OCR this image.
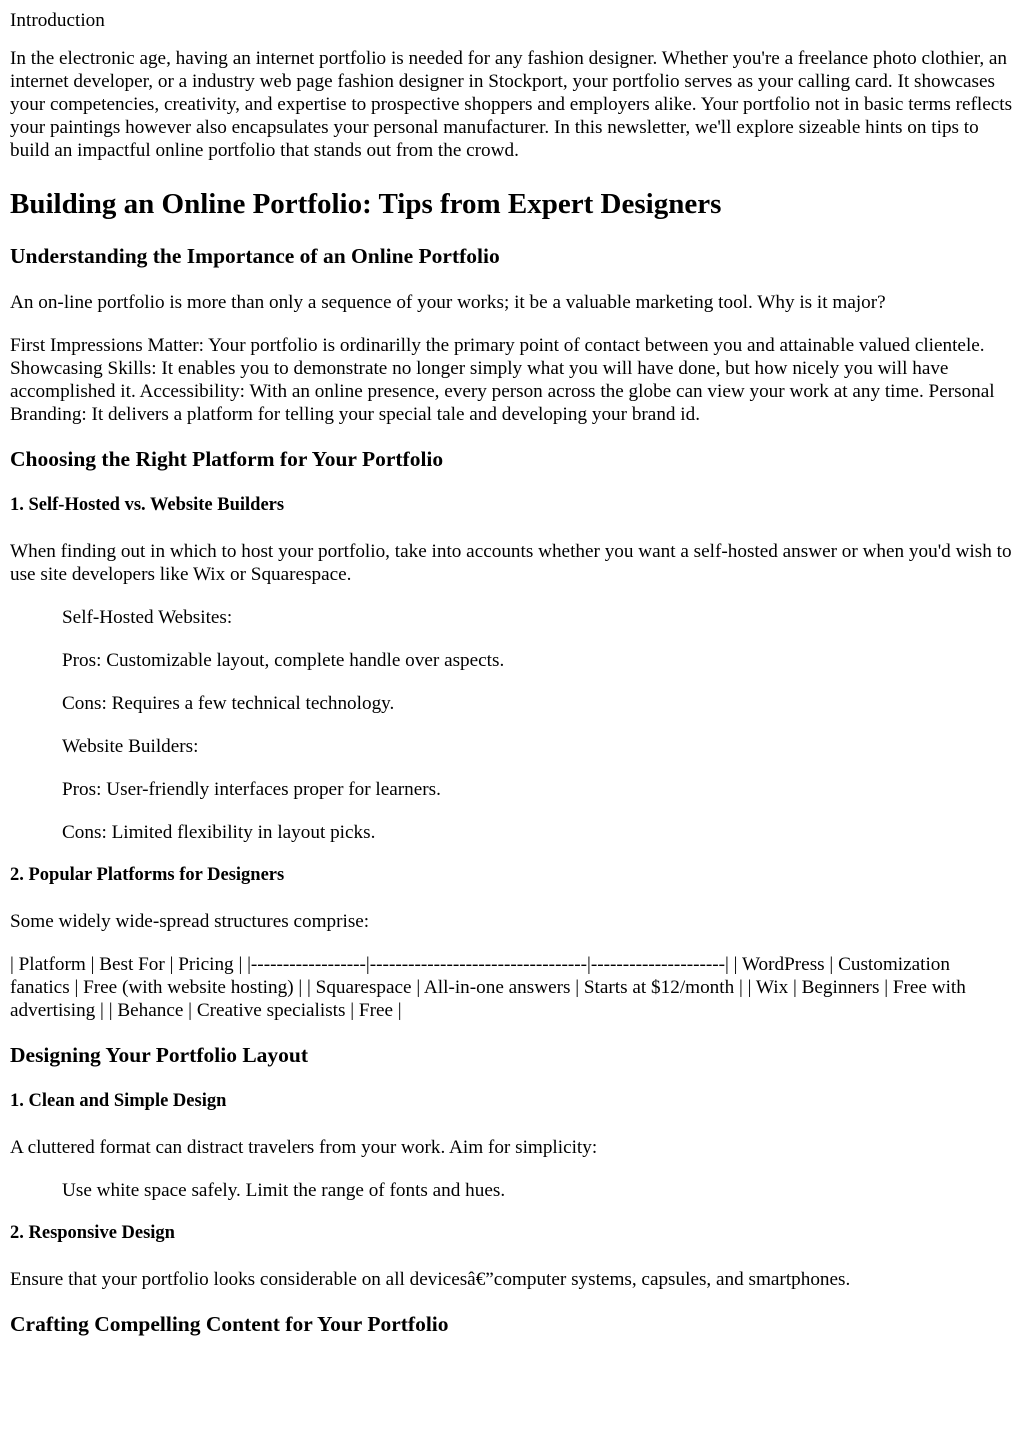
Introduction

In the electronic age, having an internet portfolio is needed for any fashion designer. Whether you're a freelance photo clothier, an internet developer, or a industry web page fashion designer in Stockport, your portfolio serves as your calling card. It showcases your competencies, creativity, and expertise to prospective shoppers and employers alike. Your portfolio not in basic terms reflects your paintings however also encapsulates your personal manufacturer. In this newsletter, we'll explore sizeable hints on tips to build an impactful online portfolio that stands out from the crowd.

Building an Online Portfolio: Tips from Expert Designers
Understanding the Importance of an Online Portfolio

An on-line portfolio is more than only a sequence of your works; it be a valuable marketing tool. Why is it major?

First Impressions Matter: Your portfolio is ordinarilly the primary point of contact between you and attainable valued clientele. Showcasing Skills: It enables you to demonstrate no longer simply what you will have done, but how nicely you will have accomplished it. Accessibility: With an online presence, every person across the globe can view your work at any time. Personal Branding: It delivers a platform for telling your special tale and developing your brand id.

Choosing the Right Platform for Your Portfolio
1. Self-Hosted vs. Website Builders

When finding out in which to host your portfolio, take into accounts whether you want a self-hosted answer or when you'd wish to use site developers like Wix or Squarespace.

Self-Hosted Websites:

Pros: Customizable layout, complete handle over aspects.

Cons: Requires a few technical technology.

Website Builders:

Pros: User-friendly interfaces proper for learners.

Cons: Limited flexibility in layout picks.

2. Popular Platforms for Designers

Some widely wide-spread structures comprise:

| Platform | Best For | Pricing | |------------------|----------------------------------|---------------------| | WordPress | Customization fanatics | Free (with website hosting) | | Squarespace | All-in-one answers | Starts at $12/month | | Wix | Beginners | Free with advertising | | Behance | Creative specialists | Free |

Designing Your Portfolio Layout
1. Clean and Simple Design

A cluttered format can distract travelers from your work. Aim for simplicity:

Use white space safely. Limit the range of fonts and hues.

2. Responsive Design

Ensure that your portfolio looks considerable on all devicesâ€”computer systems, capsules, and smartphones.

Crafting Compelling Content for Your Portfolio
